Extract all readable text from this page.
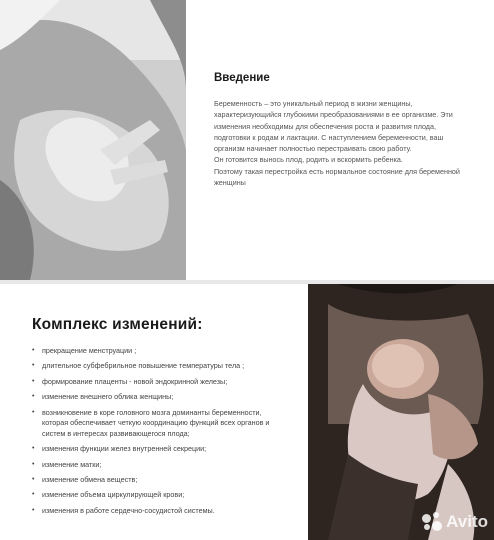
Введение

Беременность – это уникальный период в жизни женщины, характеризующийся глубокими преобразованиями в ее организме. Эти изменения необходимы для обеспечения роста и развития плода, подготовки к родам и лактации. С наступлением беременности, ваш организм начинает полностью перестраивать свою работу.
Он готовится вынось плод, родить и вскормить ребенка.
Поэтому такая перестройка есть нормальное состояние для беременной женщины

Комплекс изменений:
• прекращение менструации ;
• длительное субфебрильное повышение температуры тела ;
• формирование плаценты - новой эндокринной железы;
• изменение внешнего облика женщины;
• возникновение в коре головного мозга доминанты беременности, которая обеспечивает четкую координацию функций всех органов и систем в интересах развивающегося плода;
• изменения функции желез внутренней секреции;
• изменение матки;
• изменение обмена веществ;
• изменение объема циркулирующей крови;
• изменения в работе сердечно-сосудистой системы.
Avito
